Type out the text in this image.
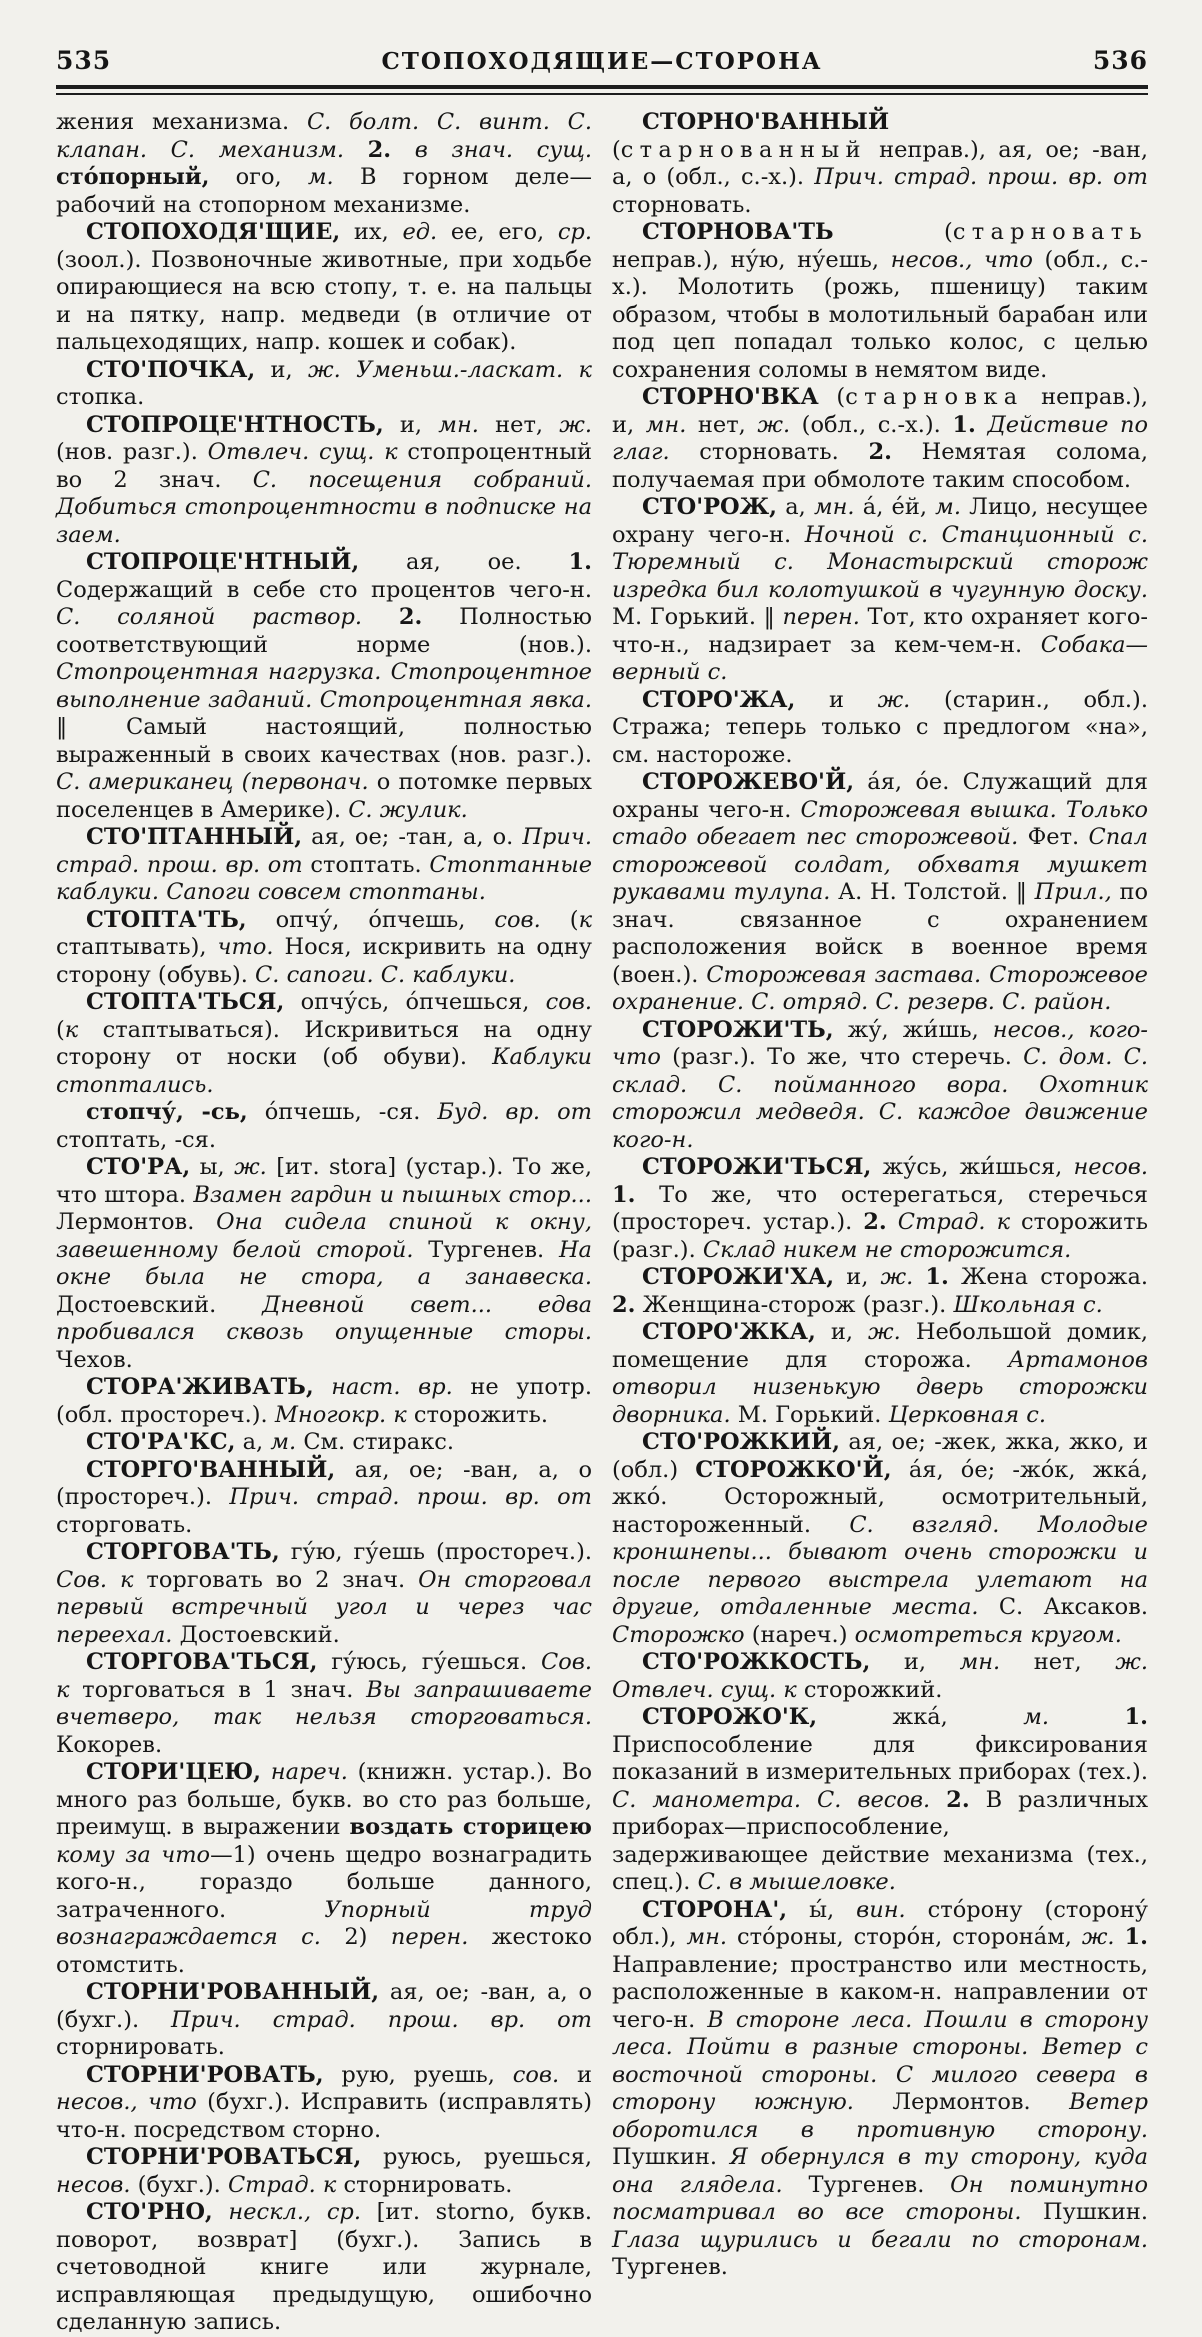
535	СТОПОХОДЯЩИЕ—СТОРОНА	536

жения механизма. С. болт. С. винт. С. клапан. С. механизм. 2. в знач. сущ. сто́порный, ого, м. В горном деле—рабочий на стопорном механизме.

СТОПОХОДЯ'ЩИЕ, их, ед. ее, его, ср. (зоол.). Позвоночные животные, при ходьбе опирающиеся на всю стопу, т. е. на пальцы и на пятку, напр. медведи (в отличие от пальцеходящих, напр. кошек и собак).

СТО'ПОЧКА, и, ж. Уменьш.-ласкат. к стопка.

СТОПРОЦЕ'НТНОСТЬ, и, мн. нет, ж. (нов. разг.). Отвлеч. сущ. к стопроцентный во 2 знач. С. посещения собраний. Добиться стопроцентности в подписке на заем.

СТОПРОЦЕ'НТНЫЙ, ая, ое. 1. Содержащий в себе сто процентов чего-н. С. соляной раствор. 2. Полностью соответствующий норме (нов.). Стопроцентная нагрузка. Стопроцентное выполнение заданий. Стопроцентная явка. ‖ Самый настоящий, полностью выраженный в своих качествах (нов. разг.). С. американец (первонач. о потомке первых поселенцев в Америке). С. жулик.

СТО'ПТАННЫЙ, ая, ое; -тан, а, о. Прич. страд. прош. вр. от стоптать. Стоптанные каблуки. Сапоги совсем стоптаны.

СТОПТА'ТЬ, опчу́, о́пчешь, сов. (к стаптывать), что. Нося, искривить на одну сторону (обувь). С. сапоги. С. каблуки.

СТОПТА'ТЬСЯ, опчу́сь, о́пчешься, сов. (к стаптываться). Искривиться на одну сторону от носки (об обуви). Каблуки стоптались.

стопчу́, -сь, о́пчешь, -ся. Буд. вр. от стоптать, -ся.

СТО'РА, ы, ж. [ит. stora] (устар.). То же, что штора. Взамен гардин и пышных стор... Лермонтов. Она сидела спиной к окну, завешенному белой сторой. Тургенев. На окне была не стора, а занавеска. Достоевский. Дневной свет... едва пробивался сквозь опущенные сторы. Чехов.

СТОРА'ЖИВАТЬ, наст. вр. не употр. (обл. простореч.). Многокр. к сторожить.

СТО'РА'КС, а, м. См. стиракс.

СТОРГО'ВАННЫЙ, ая, ое; -ван, а, о (простореч.). Прич. страд. прош. вр. от сторговать.

СТОРГОВА'ТЬ, гу́ю, гу́ешь (простореч.). Сов. к торговать во 2 знач. Он сторговал первый встречный угол и через час переехал. Достоевский.

СТОРГОВА'ТЬСЯ, гу́юсь, гу́ешься. Сов. к торговаться в 1 знач. Вы запрашиваете вчетверо, так нельзя сторговаться. Кокорев.

СТОРИ'ЦЕЮ, нареч. (книжн. устар.). Во много раз больше, букв. во сто раз больше, преимущ. в выражении воздать сторицею кому за что—1) очень щедро вознаградить кого-н., гораздо больше данного, затраченного. Упорный труд вознаграждается с. 2) перен. жестоко отомстить.

СТОРНИ'РОВАННЫЙ, ая, ое; -ван, а, о (бухг.). Прич. страд. прош. вр. от сторнировать.

СТОРНИ'РОВАТЬ, рую, руешь, сов. и несов., что (бухг.). Исправить (исправлять) что-н. посредством сторно.

СТОРНИ'РОВАТЬСЯ, руюсь, руешься, несов. (бухг.). Страд. к сторнировать.

СТО'РНО, нескл., ср. [ит. storno, букв. поворот, возврат] (бухг.). Запись в счетоводной книге или журнале, исправляющая предыдущую, ошибочно сделанную запись.

СТОРНО'ВАННЫЙ (старнованный неправ.), ая, ое; -ван, а, о (обл., с.-х.). Прич. страд. прош. вр. от сторновать.

СТОРНОВА'ТЬ (старновать неправ.), ну́ю, ну́ешь, несов., что (обл., с.-х.). Молотить (рожь, пшеницу) таким образом, чтобы в молотильный барабан или под цеп попадал только колос, с целью сохранения соломы в немятом виде.

СТОРНО'ВКА (старновка неправ.), и, мн. нет, ж. (обл., с.-х.). 1. Действие по глаг. сторновать. 2. Немятая солома, получаемая при обмолоте таким способом.

СТО'РОЖ, а, мн. а́, е́й, м. Лицо, несущее охрану чего-н. Ночной с. Станционный с. Тюремный с. Монастырский сторож изредка бил колотушкой в чугунную доску. М. Горький. ‖ перен. Тот, кто охраняет кого-что-н., надзирает за кем-чем-н. Собака—верный с.

СТОРО'ЖА, и ж. (старин., обл.). Стража; теперь только с предлогом «на», см. настороже.

СТОРОЖЕВО'Й, а́я, о́е. Служащий для охраны чего-н. Сторожевая вышка. Только стадо обегает пес сторожевой. Фет. Спал сторожевой солдат, обхватя мушкет рукавами тулупа. А. Н. Толстой. ‖ Прил., по знач. связанное с охранением расположения войск в военное время (воен.). Сторожевая застава. Сторожевое охранение. С. отряд. С. резерв. С. район.

СТОРОЖИ'ТЬ, жу́, жи́шь, несов., кого-что (разг.). То же, что стеречь. С. дом. С. склад. С. пойманного вора. Охотник сторожил медведя. С. каждое движение кого-н.

СТОРОЖИ'ТЬСЯ, жу́сь, жи́шься, несов. 1. То же, что остерегаться, стеречься (простореч. устар.). 2. Страд. к сторожить (разг.). Склад никем не сторожится.

СТОРОЖИ'ХА, и, ж. 1. Жена сторожа. 2. Женщина-сторож (разг.). Школьная с.

СТОРО'ЖКА, и, ж. Небольшой домик, помещение для сторожа. Артамонов отворил низенькую дверь сторожки дворника. М. Горький. Церковная с.

СТО'РОЖКИЙ, ая, ое; -жек, жка, жко, и (обл.) СТОРОЖКО'Й, а́я, о́е; -жо́к, жка́, жко́. Осторожный, осмотрительный, настороженный. С. взгляд. Молодые кроншнепы... бывают очень сторожки и после первого выстрела улетают на другие, отдаленные места. С. Аксаков. Сторожко (нареч.) осмотреться кругом.

СТО'РОЖКОСТЬ, и, мн. нет, ж. Отвлеч. сущ. к сторожкий.

СТОРОЖО'К, жка́, м.	1. Приспособление для фиксирования показаний в измерительных приборах (тех.). С. манометра. С. весов. 2. В различных приборах—приспособление, задерживающее действие механизма (тех., спец.). С. в мышеловке.

СТОРОНА', ы́, вин. сто́рону (сторону́ обл.), мн. сто́роны, сторо́н, сторона́м, ж. 1. Направление; пространство или местность, расположенные в каком-н. направлении от чего-н. В стороне леса. Пошли в сторону леса. Пойти в разные стороны. Ветер с восточной стороны. С милого севера в сторону южную. Лермонтов. Ветер оборотился в противную сторону. Пушкин. Я обернулся в ту сторону, куда она глядела. Тургенев. Он поминутно посматривал во все стороны. Пушкин. Глаза щурились и бегали по сторонам. Тургенев.
